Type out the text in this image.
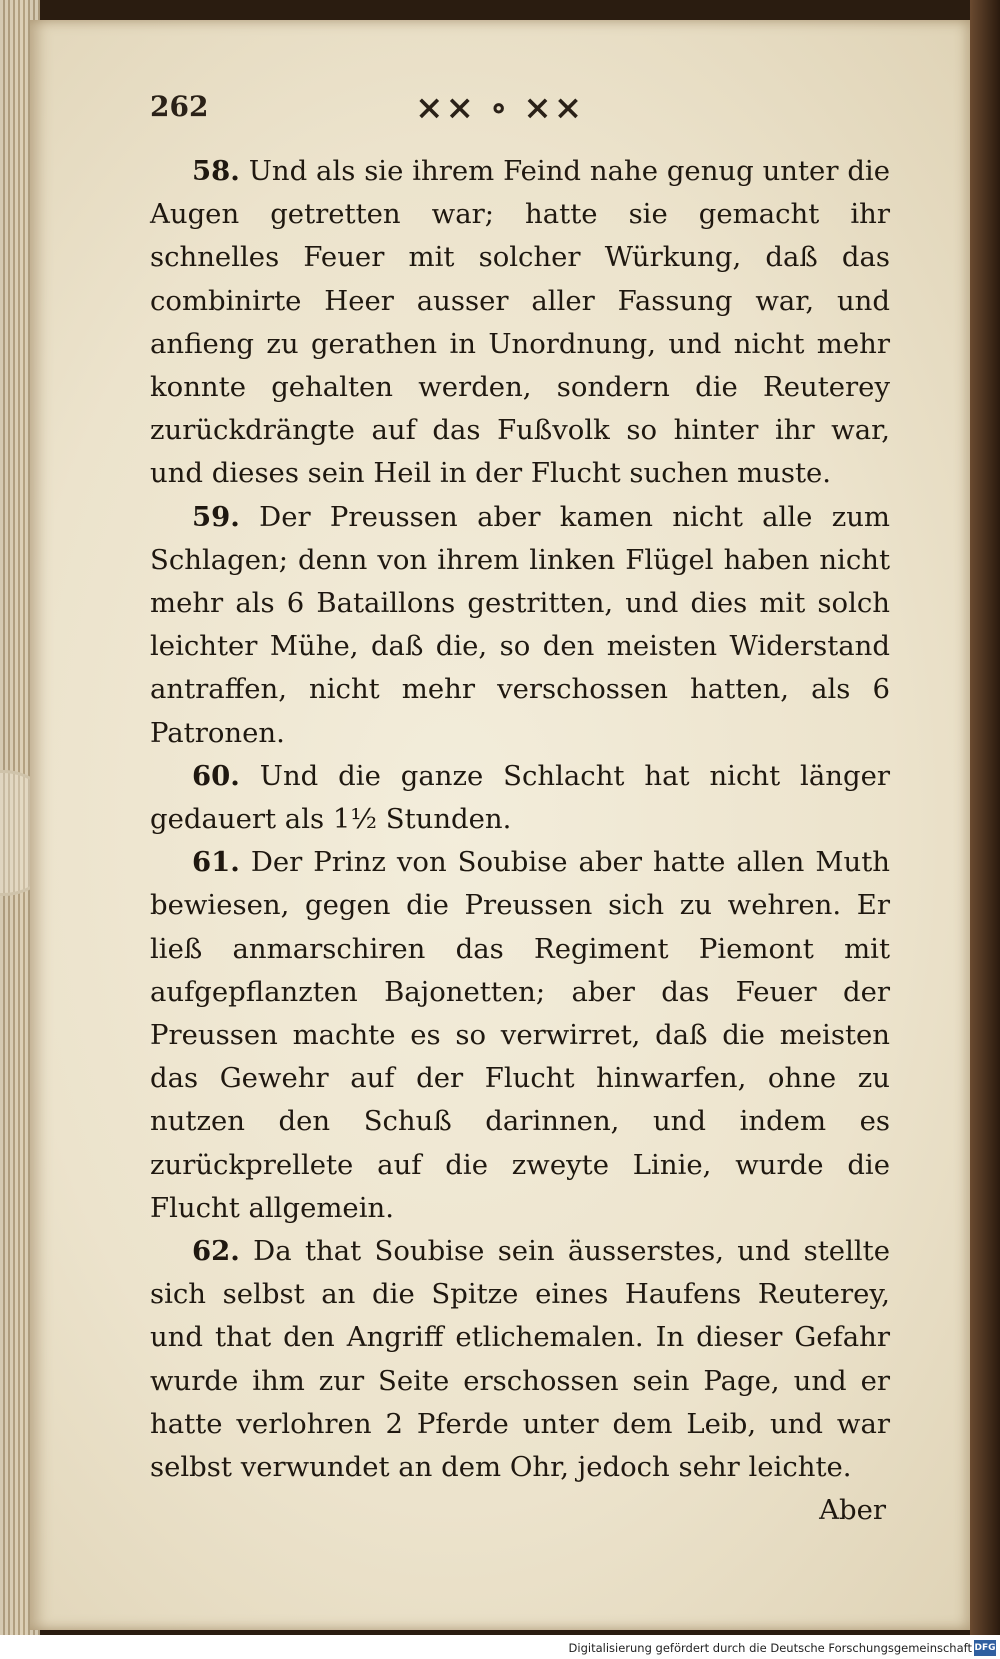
262	⨯⨯ ∘ ⨯⨯

58. Und als sie ihrem Feind nahe genug unter die Augen getretten war; hatte sie gemacht ihr schnelles Feuer mit solcher Würkung, daß das combinirte Heer ausser aller Fassung war, und anfieng zu gerathen in Unordnung, und nicht mehr konnte gehalten werden, sondern die Reuterey zurückdrängte auf das Fußvolk so hinter ihr war, und dieses sein Heil in der Flucht suchen muste.

59. Der Preussen aber kamen nicht alle zum Schlagen; denn von ihrem linken Flügel haben nicht mehr als 6 Bataillons gestritten, und dies mit solch leichter Mühe, daß die, so den meisten Widerstand antraffen, nicht mehr verschossen hatten, als 6 Patronen.

60. Und die ganze Schlacht hat nicht länger gedauert als 1½ Stunden.

61. Der Prinz von Soubise aber hatte allen Muth bewiesen, gegen die Preussen sich zu wehren. Er ließ anmarschiren das Regiment Piemont mit aufgepflanzten Bajonetten; aber das Feuer der Preussen machte es so verwirret, daß die meisten das Gewehr auf der Flucht hinwarfen, ohne zu nutzen den Schuß darinnen, und indem es zurückprellete auf die zweyte Linie, wurde die Flucht allgemein.

62. Da that Soubise sein äusserstes, und stellte sich selbst an die Spitze eines Haufens Reuterey, und that den Angriff etlichemalen. In dieser Gefahr wurde ihm zur Seite erschossen sein Page, und er hatte verlohren 2 Pferde unter dem Leib, und war selbst verwundet an dem Ohr, jedoch sehr leichte.

Aber
Digitalisierung gefördert durch die Deutsche Forschungsgemeinschaft DFG
